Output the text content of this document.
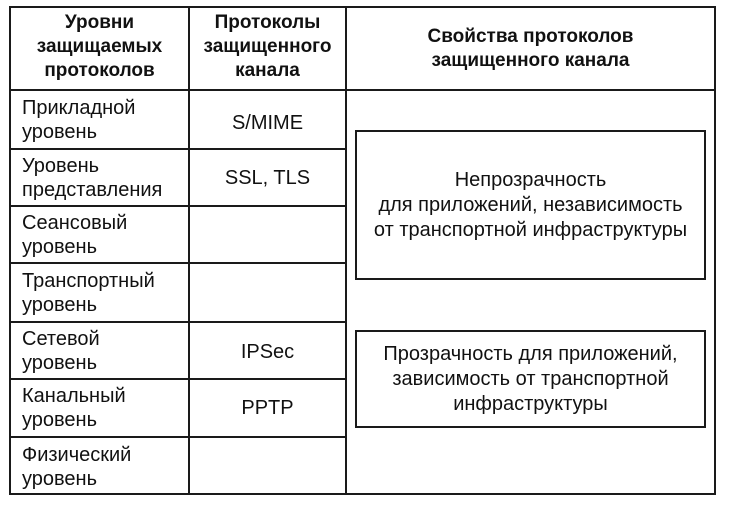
Уровни
защищаемых
протоколов
Протоколы
защищенного
канала
Свойства протоколов
защищенного канала
Прикладной
уровень
Уровень
представления
Сеансовый
уровень
Транспортный
уровень
Сетевой
уровень
Канальный
уровень
Физический
уровень
S/MIME
SSL, TLS
IPSec
PPTP
Непрозрачность
для приложений, независимость
от транспортной инфраструктуры
Прозрачность для приложений,
зависимость от транспортной
инфраструктуры
